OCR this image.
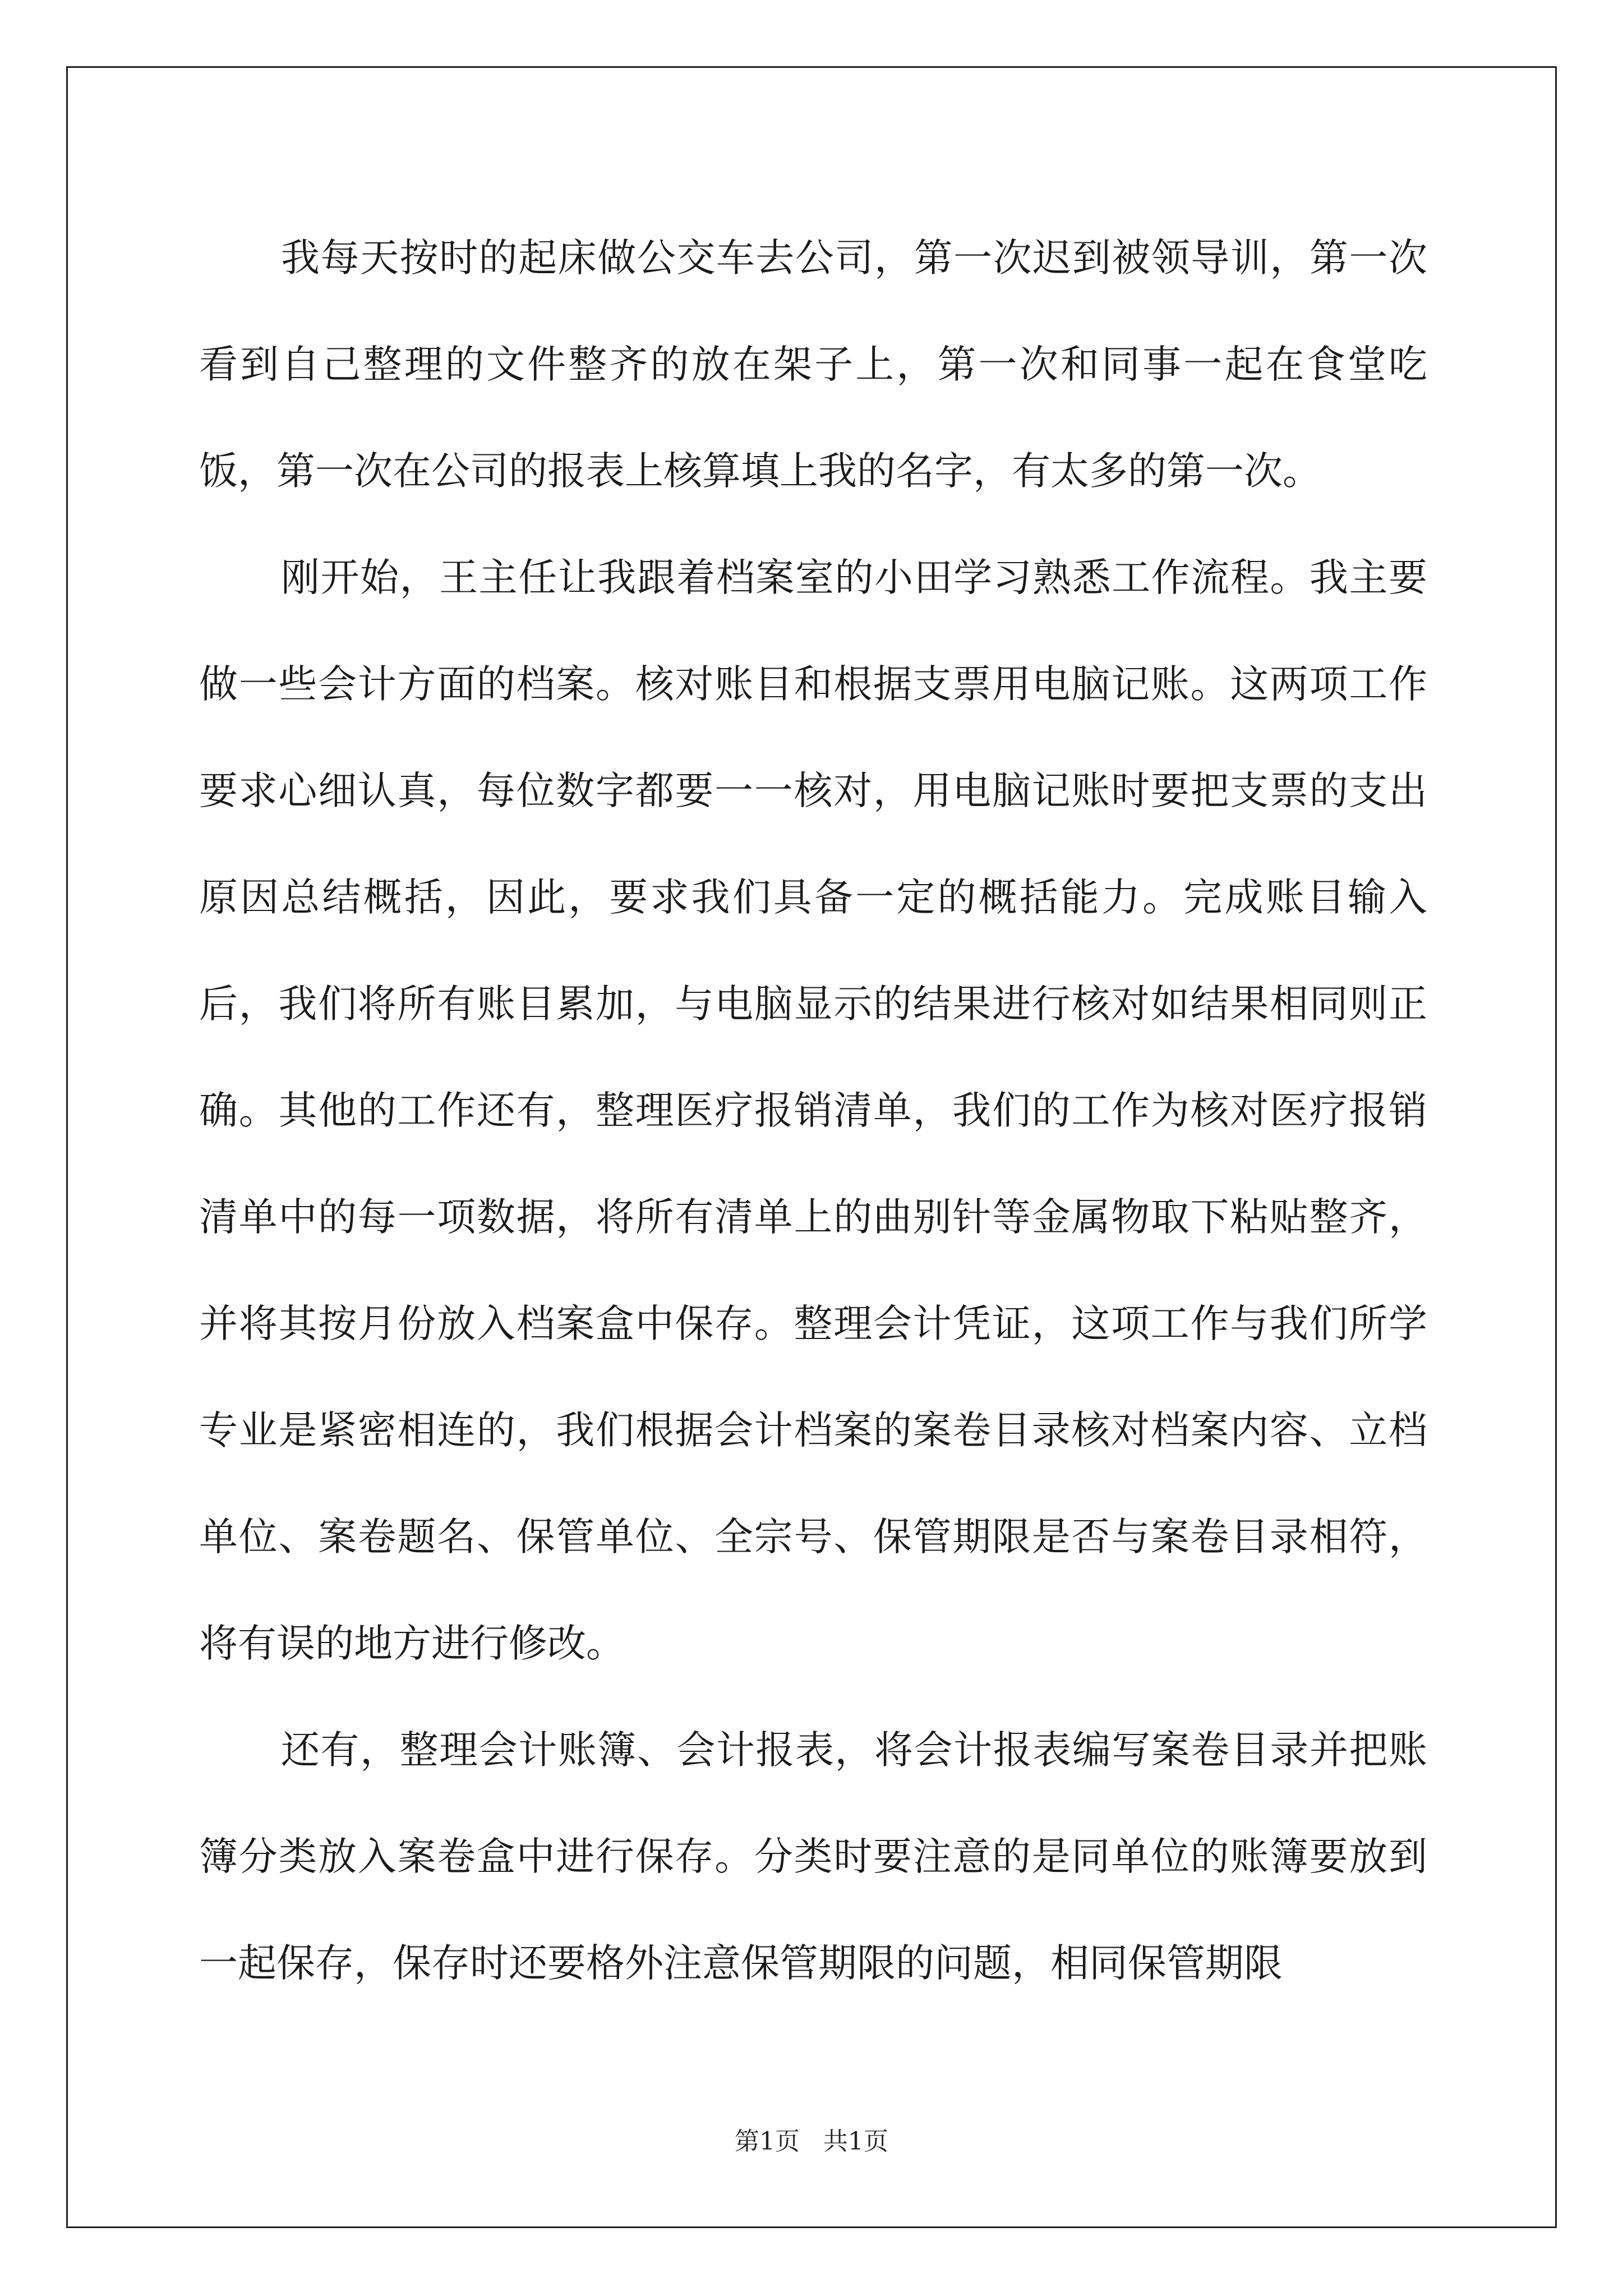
我每天按时的起床做公交车去公司，第一次迟到被领导训，第一次看到自己整理的文件整齐的放在架子上，第一次和同事一起在食堂吃饭，第一次在公司的报表上核算填上我的名字，有太多的第一次。

刚开始，王主任让我跟着档案室的小田学习熟悉工作流程。我主要做一些会计方面的档案。核对账目和根据支票用电脑记账。这两项工作要求心细认真，每位数字都要一一核对，用电脑记账时要把支票的支出原因总结概括，因此，要求我们具备一定的概括能力。完成账目输入后，我们将所有账目累加，与电脑显示的结果进行核对如结果相同则正确。其他的工作还有，整理医疗报销清单，我们的工作为核对医疗报销清单中的每一项数据，将所有清单上的曲别针等金属物取下粘贴整齐，并将其按月份放入档案盒中保存。整理会计凭证，这项工作与我们所学专业是紧密相连的，我们根据会计档案的案卷目录核对档案内容、立档单位、案卷题名、保管单位、全宗号、保管期限是否与案卷目录相符，将有误的地方进行修改。

还有，整理会计账簿、会计报表，将会计报表编写案卷目录并把账簿分类放入案卷盒中进行保存。分类时要注意的是同单位的账簿要放到一起保存，保存时还要格外注意保管期限的问题，相同保管期限

第1页 共1页
